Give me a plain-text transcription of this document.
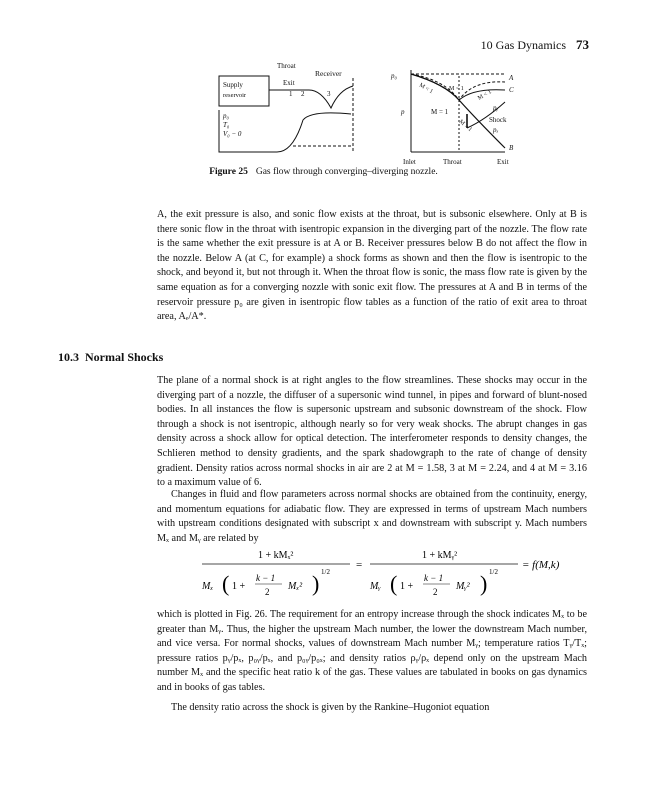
10 Gas Dynamics 73
Throat
Receiver
Exit
Supply
reservoir	1 2	3
p₀
T₀
V₀ − 0
p₀
p
M < 1
M = 1
M < 1
M < 1
M > 1
A
C
B
pᵧ
Shock
pₓ
Inlet	Throat	Exit
Figure 25 Gas flow through converging–diverging nozzle.
A, the exit pressure is also, and sonic flow exists at the throat, but is subsonic elsewhere. Only at B is there sonic flow in the throat with isentropic expansion in the diverging part of the nozzle. The flow rate is the same whether the exit pressure is at A or B. Receiver pressures below B do not affect the flow in the nozzle. Below A (at C, for example) a shock forms as shown and then the flow is isentropic to the shock, and beyond it, but not through it. When the throat flow is sonic, the mass flow rate is given by the same equation as for a converging nozzle with sonic exit flow. The pressures at A and B in terms of the reservoir pressure p₀ are given in isentropic flow tables as a function of the ratio of exit area to throat area, Aₑ/A*.
10.3 Normal Shocks
The plane of a normal shock is at right angles to the flow streamlines. These shocks may occur in the diverging part of a nozzle, the diffuser of a supersonic wind tunnel, in pipes and forward of blunt-nosed bodies. In all instances the flow is supersonic upstream and subsonic downstream of the shock. Flow through a shock is not isentropic, although nearly so for very weak shocks. The abrupt changes in gas density across a shock allow for optical detection. The interferometer responds to density changes, the Schlieren method to density gradients, and the spark shadowgraph to the rate of change of density gradient. Density ratios across normal shocks in air are 2 at M = 1.58, 3 at M = 2.24, and 4 at M = 3.16 to a maximum value of 6.
Changes in fluid and flow parameters across normal shocks are obtained from the continuity, energy, and momentum equations for adiabatic flow. They are expressed in terms of upstream Mach numbers with upstream conditions designated with subscript x and downstream with subscript y. Mach numbers Mₓ and Mᵧ are related by
1 + kMₓ²
Mₓ ( 1 +
k − 1
2 Mₓ² ) 1/2
=
1 + kMᵧ²
Mᵧ ( 1 +
k − 1
2 Mᵧ² ) 1/2
= f(M,k)
which is plotted in Fig. 26. The requirement for an entropy increase through the shock indicates Mₓ to be greater than Mᵧ. Thus, the higher the upstream Mach number, the lower the downstream Mach number, and vice versa. For normal shocks, values of downstream Mach number Mᵧ; temperature ratios Tᵧ/Tₓ; pressure ratios pᵧ/pₓ, p₀ᵧ/pₓ, and p₀ᵧ/p₀ₓ; and density ratios ρᵧ/ρₓ depend only on the upstream Mach number Mₓ and the specific heat ratio k of the gas. These values are tabulated in books on gas dynamics and in books of gas tables.
The density ratio across the shock is given by the Rankine–Hugoniot equation
